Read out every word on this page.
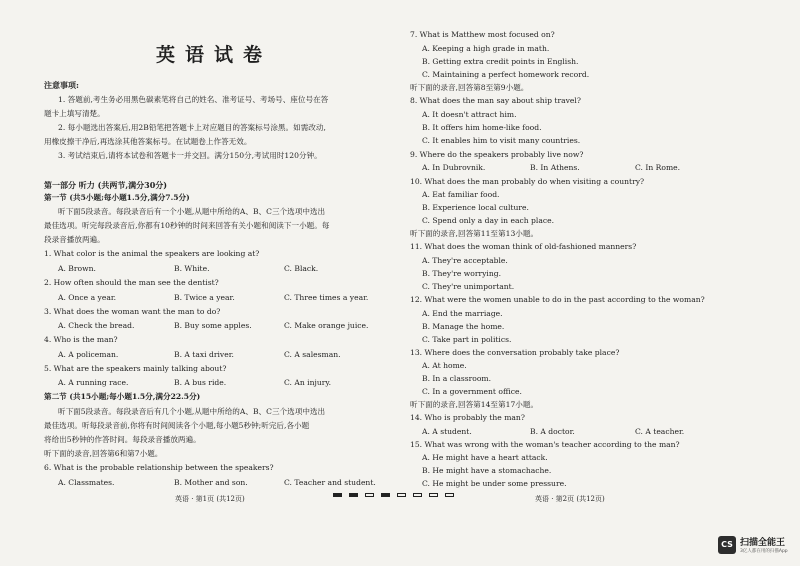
英语试卷
注意事项:
1. 答题前,考生务必用黑色碳素笔将自己的姓名、准考证号、考场号、座位号在答
题卡上填写清楚。
2. 每小题选出答案后,用2B铅笔把答题卡上对应题目的答案标号涂黑。如需改动,
用橡皮擦干净后,再选涂其他答案标号。在试题卷上作答无效。
3. 考试结束后,请将本试卷和答题卡一并交回。满分150分,考试用时120分钟。
第一部分 听力 (共两节,满分30分)
第一节 (共5小题;每小题1.5分,满分7.5分)
听下面5段录音。每段录音后有一个小题,从题中所给的A、B、C三个选项中选出
最佳选项。听完每段录音后,你都有10秒钟的时间来回答有关小题和阅读下一小题。每
段录音播放两遍。
1. What color is the animal the speakers are looking at?
A. Brown.	B. White.	C. Black.
2. How often should the man see the dentist?
A. Once a year.	B. Twice a year.	C. Three times a year.
3. What does the woman want the man to do?
A. Check the bread.	B. Buy some apples.	C. Make orange juice.
4. Who is the man?
A. A policeman.	B. A taxi driver.	C. A salesman.
5. What are the speakers mainly talking about?
A. A running race.	B. A bus ride.	C. An injury.
第二节 (共15小题;每小题1.5分,满分22.5分)
听下面5段录音。每段录音后有几个小题,从题中所给的A、B、C三个选项中选出
最佳选项。听每段录音前,你将有时间阅读各个小题,每小题5秒钟;听完后,各小题
将给出5秒钟的作答时间。每段录音播放两遍。
听下面的录音,回答第6和第7小题。
6. What is the probable relationship between the speakers?
A. Classmates.	B. Mother and son.	C. Teacher and student.
7. What is Matthew most focused on?
A. Keeping a high grade in math.
B. Getting extra credit points in English.
C. Maintaining a perfect homework record.
听下面的录音,回答第8至第9小题。
8. What does the man say about ship travel?
A. It doesn't attract him.
B. It offers him home-like food.
C. It enables him to visit many countries.
9. Where do the speakers probably live now?
A. In Dubrovnik.	B. In Athens.	C. In Rome.
10. What does the man probably do when visiting a country?
A. Eat familiar food.
B. Experience local culture.
C. Spend only a day in each place.
听下面的录音,回答第11至第13小题。
11. What does the woman think of old-fashioned manners?
A. They're acceptable.
B. They're worrying.
C. They're unimportant.
12. What were the women unable to do in the past according to the woman?
A. End the marriage.
B. Manage the home.
C. Take part in politics.
13. Where does the conversation probably take place?
A. At home.
B. In a classroom.
C. In a government office.
听下面的录音,回答第14至第17小题。
14. Who is probably the man?
A. A student.	B. A doctor.	C. A teacher.
15. What was wrong with the woman's teacher according to the man?
A. He might have a heart attack.
B. He might have a stomachache.
C. He might be under some pressure.
英语 · 第1页 (共12页)	英语 · 第2页 (共12页)
CS 扫描全能王
3亿人都在用的扫描App
